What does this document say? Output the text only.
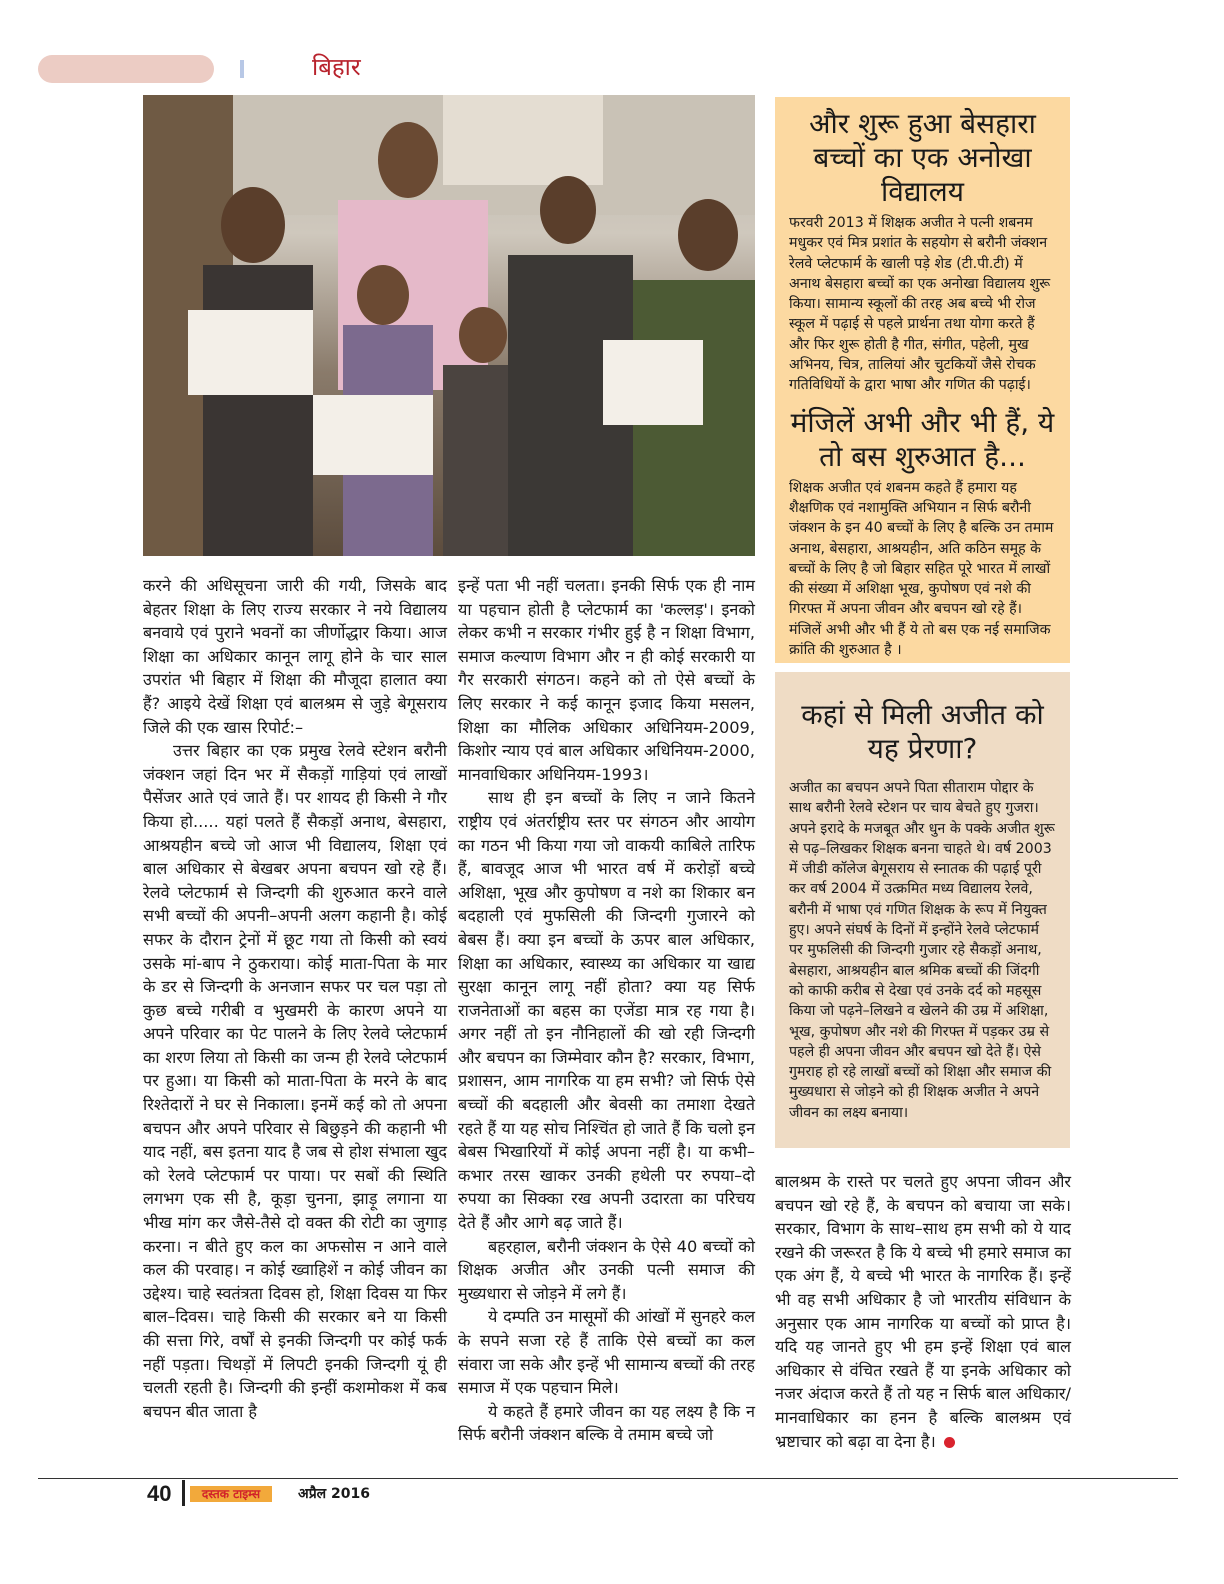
बिहार

करने की अधिसूचना जारी की गयी, जिसके बाद बेहतर शिक्षा के लिए राज्य सरकार ने नये विद्यालय बनवाये एवं पुराने भवनों का जीर्णोद्धार किया। आज शिक्षा का अधिकार कानून लागू होने के चार साल उपरांत भी बिहार में शिक्षा की मौजूदा हालात क्या हैं? आइये देखें शिक्षा एवं बालश्रम से जुड़े बेगूसराय जिले की एक खास रिपोर्ट:–

उत्तर बिहार का एक प्रमुख रेलवे स्टेशन बरौनी जंक्शन जहां दिन भर में सैकड़ों गाड़ियां एवं लाखों पैसेंजर आते एवं जाते हैं। पर शायद ही किसी ने गौर किया हो..... यहां पलते हैं सैकड़ों अनाथ, बेसहारा, आश्रयहीन बच्चे जो आज भी विद्यालय, शिक्षा एवं बाल अधिकार से बेखबर अपना बचपन खो रहे हैं। रेलवे प्लेटफार्म से जिन्दगी की शुरुआत करने वाले सभी बच्चों की अपनी–अपनी अलग कहानी है। कोई सफर के दौरान ट्रेनों में छूट गया तो किसी को स्वयं उसके मां-बाप ने ठुकराया। कोई माता-पिता के मार के डर से जिन्दगी के अनजान सफर पर चल पड़ा तो कुछ बच्चे गरीबी व भुखमरी के कारण अपने या अपने परिवार का पेट पालने के लिए रेलवे प्लेटफार्म का शरण लिया तो किसी का जन्म ही रेलवे प्लेटफार्म पर हुआ। या किसी को माता-पिता के मरने के बाद रिश्तेदारों ने घर से निकाला। इनमें कई को तो अपना बचपन और अपने परिवार से बिछुड़ने की कहानी भी याद नहीं, बस इतना याद है जब से होश संभाला खुद को रेलवे प्लेटफार्म पर पाया। पर सबों की स्थिति लगभग एक सी है, कूड़ा चुनना, झाड़ू लगाना या भीख मांग कर जैसे-तैसे दो वक्त की रोटी का जुगाड़ करना। न बीते हुए कल का अफसोस न आने वाले कल की परवाह। न कोई ख्वाहिशें न कोई जीवन का उद्देश्य। चाहे स्वतंत्रता दिवस हो, शिक्षा दिवस या फिर बाल–दिवस। चाहे किसी की सरकार बने या किसी की सत्ता गिरे, वर्षों से इनकी जिन्दगी पर कोई फर्क नहीं पड़ता। चिथड़ों में लिपटी इनकी जिन्दगी यूं ही चलती रहती है। जिन्दगी की इन्हीं कशमोकश में कब बचपन बीत जाता है

इन्हें पता भी नहीं चलता। इनकी सिर्फ एक ही नाम या पहचान होती है प्लेटफार्म का 'कल्लड़'। इनको लेकर कभी न सरकार गंभीर हुई है न शिक्षा विभाग, समाज कल्याण विभाग और न ही कोई सरकारी या गैर सरकारी संगठन। कहने को तो ऐसे बच्चों के लिए सरकार ने कई कानून इजाद किया मसलन, शिक्षा का मौलिक अधिकार अधिनियम-2009, किशोर न्याय एवं बाल अधिकार अधिनियम-2000, मानवाधिकार अधिनियम-1993।

साथ ही इन बच्चों के लिए न जाने कितने राष्ट्रीय एवं अंतर्राष्ट्रीय स्तर पर संगठन और आयोग का गठन भी किया गया जो वाकयी काबिले तारिफ हैं, बावजूद आज भी भारत वर्ष में करोड़ों बच्चे अशिक्षा, भूख और कुपोषण व नशे का शिकार बन बदहाली एवं मुफसिली की जिन्दगी गुजारने को बेबस हैं। क्या इन बच्चों के ऊपर बाल अधिकार, शिक्षा का अधिकार, स्वास्थ्य का अधिकार या खाद्य सुरक्षा कानून लागू नहीं होता? क्या यह सिर्फ राजनेताओं का बहस का एजेंडा मात्र रह गया है। अगर नहीं तो इन नौनिहालों की खो रही जिन्दगी और बचपन का जिम्मेवार कौन है? सरकार, विभाग, प्रशासन, आम नागरिक या हम सभी? जो सिर्फ ऐसे बच्चों की बदहाली और बेवसी का तमाशा देखते रहते हैं या यह सोच निश्चिंत हो जाते हैं कि चलो इन बेबस भिखारियों में कोई अपना नहीं है। या कभी–कभार तरस खाकर उनकी हथेली पर रुपया–दो रुपया का सिक्का रख अपनी उदारता का परिचय देते हैं और आगे बढ़ जाते हैं।

बहरहाल, बरौनी जंक्शन के ऐसे 40 बच्चों को शिक्षक अजीत और उनकी पत्नी समाज की मुख्यधारा से जोड़ने में लगे हैं।

ये दम्पति उन मासूमों की आंखों में सुनहरे कल के सपने सजा रहे हैं ताकि ऐसे बच्चों का कल संवारा जा सके और इन्हें भी सामान्य बच्चों की तरह समाज में एक पहचान मिले।

ये कहते हैं हमारे जीवन का यह लक्ष्य है कि न सिर्फ बरौनी जंक्शन बल्कि वे तमाम बच्चे जो

और शुरू हुआ बेसहारा बच्चों का एक अनोखा विद्यालय

फरवरी 2013 में शिक्षक अजीत ने पत्नी शबनम मधुकर एवं मित्र प्रशांत के सहयोग से बरौनी जंक्शन रेलवे प्लेटफार्म के खाली पड़े शेड (टी.पी.टी) में अनाथ बेसहारा बच्चों का एक अनोखा विद्यालय शुरू किया। सामान्य स्कूलों की तरह अब बच्चे भी रोज स्कूल में पढ़ाई से पहले प्रार्थना तथा योगा करते हैं और फिर शुरू होती है गीत, संगीत, पहेली, मुख अभिनय, चित्र, तालियां और चुटकियों जैसे रोचक गतिविधियों के द्वारा भाषा और गणित की पढ़ाई।

मंजिलें अभी और भी हैं, ये तो बस शुरुआत है...

शिक्षक अजीत एवं शबनम कहते हैं हमारा यह शैक्षणिक एवं नशामुक्ति अभियान न सिर्फ बरौनी जंक्शन के इन 40 बच्चों के लिए है बल्कि उन तमाम अनाथ, बेसहारा, आश्रयहीन, अति कठिन समूह के बच्चों के लिए है जो बिहार सहित पूरे भारत में लाखों की संख्या में अशिक्षा भूख, कुपोषण एवं नशे की गिरफ्त में अपना जीवन और बचपन खो रहे हैं। मंजिलें अभी और भी हैं ये तो बस एक नई समाजिक क्रांति की शुरुआत है ।

कहां से मिली अजीत को यह प्रेरणा?

अजीत का बचपन अपने पिता सीताराम पोद्दार के साथ बरौनी रेलवे स्टेशन पर चाय बेचते हुए गुजरा। अपने इरादे के मजबूत और धुन के पक्के अजीत शुरू से पढ़–लिखकर शिक्षक बनना चाहते थे। वर्ष 2003 में जीडी कॉलेज बेगूसराय से स्नातक की पढ़ाई पूरी कर वर्ष 2004 में उत्क्रमित मध्य विद्यालय रेलवे, बरौनी में भाषा एवं गणित शिक्षक के रूप में नियुक्त हुए। अपने संघर्ष के दिनों में इन्होंने रेलवे प्लेटफार्म पर मुफलिसी की जिन्दगी गुजार रहे सैकड़ों अनाथ, बेसहारा, आश्रयहीन बाल श्रमिक बच्चों की जिंदगी को काफी करीब से देखा एवं उनके दर्द को महसूस किया जो पढ़ने–लिखने व खेलने की उम्र में अशिक्षा, भूख, कुपोषण और नशे की गिरफ्त में पड़कर उम्र से पहले ही अपना जीवन और बचपन खो देते हैं। ऐसे गुमराह हो रहे लाखों बच्चों को शिक्षा और समाज की मुख्यधारा से जोड़ने को ही शिक्षक अजीत ने अपने जीवन का लक्ष्य बनाया।

बालश्रम के रास्ते पर चलते हुए अपना जीवन और बचपन खो रहे हैं, के बचपन को बचाया जा सके। सरकार, विभाग के साथ–साथ हम सभी को ये याद रखने की जरूरत है कि ये बच्चे भी हमारे समाज का एक अंग हैं, ये बच्चे भी भारत के नागरिक हैं। इन्हें भी वह सभी अधिकार है जो भारतीय संविधान के अनुसार एक आम नागरिक या बच्चों को प्राप्त है। यदि यह जानते हुए भी हम इन्हें शिक्षा एवं बाल अधिकार से वंचित रखते हैं या इनके अधिकार को नजर अंदाज करते हैं तो यह न सिर्फ बाल अधिकार/मानवाधिकार का हनन है बल्कि बालश्रम एवं भ्रष्टाचार को बढ़ा वा देना है।

40	दस्तक टाइम्स	अप्रैल 2016
